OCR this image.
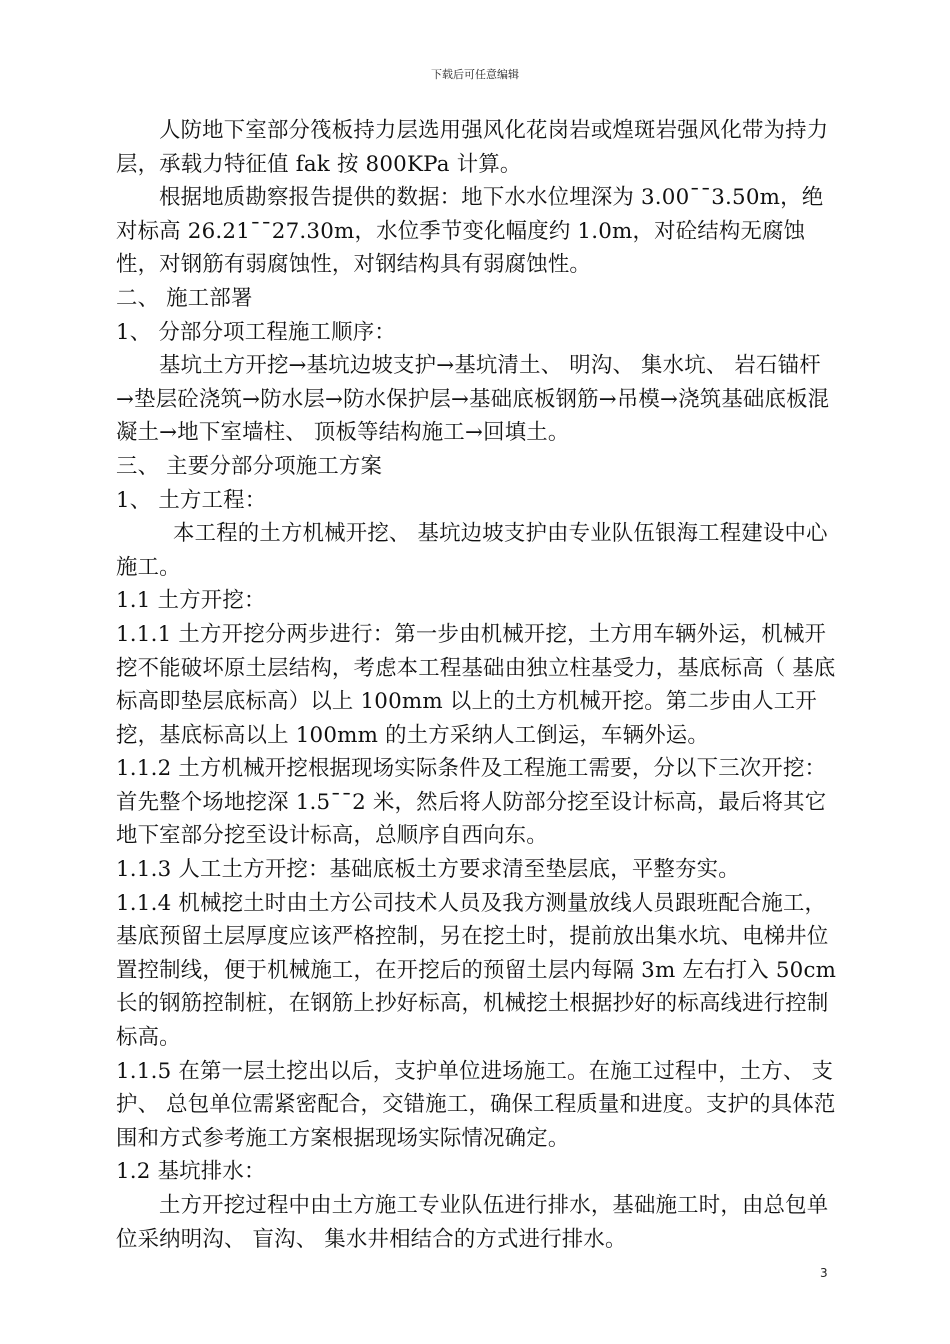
下载后可任意编辑

人防地下室部分筏板持力层选用强风化花岗岩或煌斑岩强风化带为持力层，承载力特征值 fak 按 800KPa 计算。

根据地质勘察报告提供的数据：地下水水位埋深为 3.00¯¯3.50m，绝对标高 26.21¯¯27.30m，水位季节变化幅度约 1.0m，对砼结构无腐蚀性，对钢筋有弱腐蚀性，对钢结构具有弱腐蚀性。

二、 施工部署

1、 分部分项工程施工顺序：

基坑土方开挖→基坑边坡支护→基坑清土、 明沟、 集水坑、 岩石锚杆→垫层砼浇筑→防水层→防水保护层→基础底板钢筋→吊模→浇筑基础底板混凝土→地下室墙柱、 顶板等结构施工→回填土。

三、 主要分部分项施工方案

1、 土方工程：

本工程的土方机械开挖、 基坑边坡支护由专业队伍银海工程建设中心施工。

1.1 土方开挖：

1.1.1 土方开挖分两步进行：第一步由机械开挖，土方用车辆外运，机械开挖不能破坏原土层结构，考虑本工程基础由独立柱基受力，基底标高（ 基底标高即垫层底标高）以上 100mm 以上的土方机械开挖。第二步由人工开挖，基底标高以上 100mm 的土方采纳人工倒运，车辆外运。

1.1.2 土方机械开挖根据现场实际条件及工程施工需要，分以下三次开挖：首先整个场地挖深 1.5¯¯2 米，然后将人防部分挖至设计标高，最后将其它地下室部分挖至设计标高，总顺序自西向东。

1.1.3 人工土方开挖：基础底板土方要求清至垫层底，平整夯实。

1.1.4 机械挖土时由土方公司技术人员及我方测量放线人员跟班配合施工，基底预留土层厚度应该严格控制，另在挖土时，提前放出集水坑、电梯井位置控制线，便于机械施工，在开挖后的预留土层内每隔 3m 左右打入 50cm 长的钢筋控制桩，在钢筋上抄好标高，机械挖土根据抄好的标高线进行控制标高。

1.1.5 在第一层土挖出以后，支护单位进场施工。在施工过程中，土方、 支护、 总包单位需紧密配合，交错施工，确保工程质量和进度。支护的具体范围和方式参考施工方案根据现场实际情况确定。

1.2 基坑排水：

土方开挖过程中由土方施工专业队伍进行排水，基础施工时，由总包单位采纳明沟、 盲沟、 集水井相结合的方式进行排水。

3
